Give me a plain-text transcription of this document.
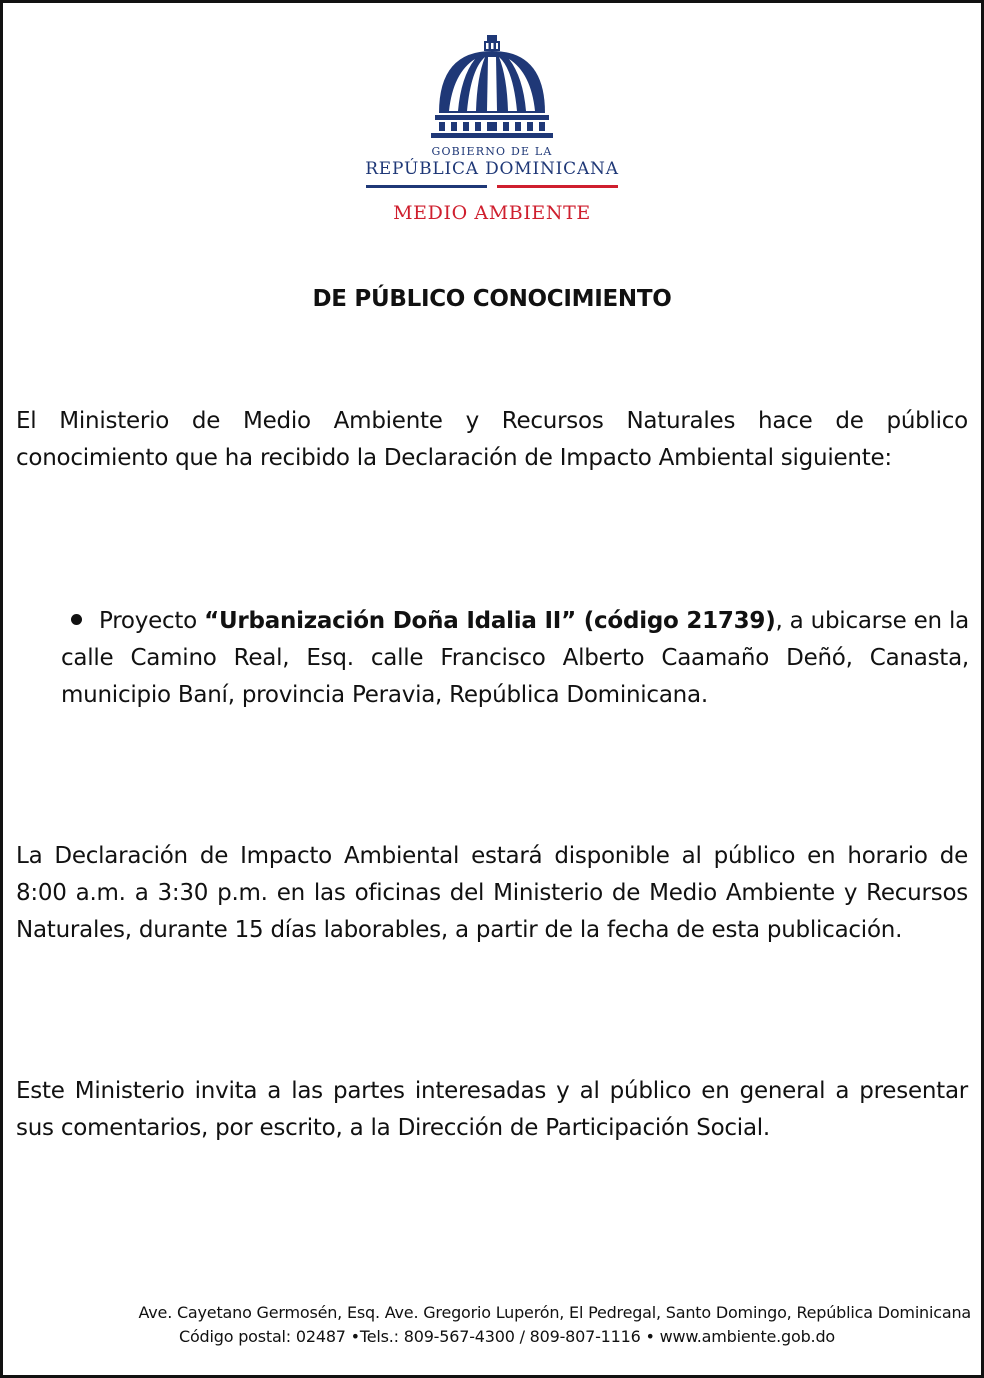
GOBIERNO DE LA
REPÚBLICA DOMINICANA
MEDIO AMBIENTE
DE PÚBLICO CONOCIMIENTO
El Ministerio de Medio Ambiente y Recursos Naturales hace de público conocimiento que ha recibido la Declaración de Impacto Ambiental siguiente:
Proyecto “Urbanización Doña Idalia II” (código 21739), a ubicarse en la calle Camino Real, Esq. calle Francisco Alberto Caamaño Deñó, Canasta, municipio Baní, provincia Peravia, República Dominicana.
La Declaración de Impacto Ambiental estará disponible al público en horario de 8:00 a.m. a 3:30 p.m. en las oficinas del Ministerio de Medio Ambiente y Recursos Naturales, durante 15 días laborables, a partir de la fecha de esta publicación.
Este Ministerio invita a las partes interesadas y al público en general a presentar sus comentarios, por escrito, a la Dirección de Participación Social.
Ave. Cayetano Germosén, Esq. Ave. Gregorio Luperón, El Pedregal, Santo Domingo, República Dominicana
Código postal: 02487 •Tels.: 809-567-4300 / 809-807-1116 • www.ambiente.gob.do
